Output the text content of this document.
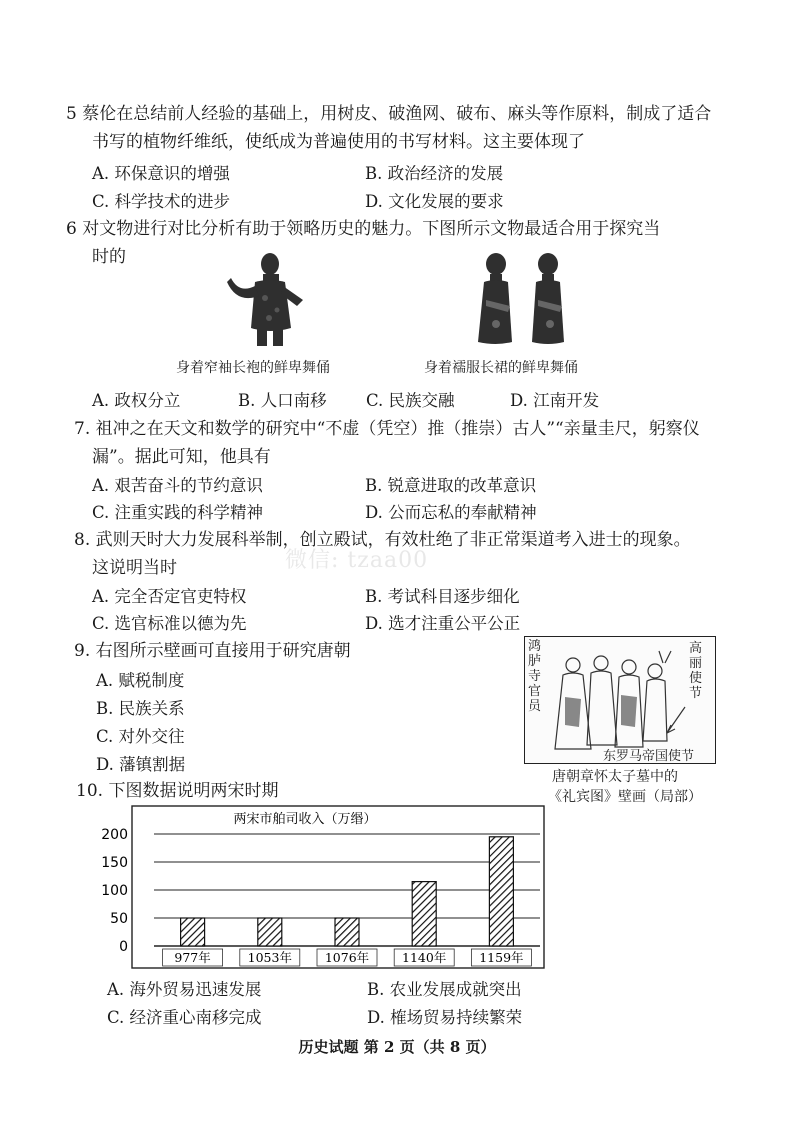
微信: tzaa00
5 蔡伦在总结前人经验的基础上，用树皮、破渔网、破布、麻头等作原料，制成了适合
书写的植物纤维纸，使纸成为普遍使用的书写材料。这主要体现了
A. 环保意识的增强	B. 政治经济的发展
C. 科学技术的进步	D. 文化发展的要求
6 对文物进行对比分析有助于领略历史的魅力。下图所示文物最适合用于探究当
时的
身着窄袖长袍的鲜卑舞俑	身着襦服长裙的鲜卑舞俑
A. 政权分立	B. 人口南移 C. 民族交融	D. 江南开发
7. 祖冲之在天文和数学的研究中“不虚（凭空）推（推崇）古人”“亲量圭尺，躬察仪
漏”。据此可知，他具有
A. 艰苦奋斗的节约意识	B. 锐意进取的改革意识
C. 注重实践的科学精神	D. 公而忘私的奉献精神
8. 武则天时大力发展科举制，创立殿试，有效杜绝了非正常渠道考入进士的现象。
这说明当时
A. 完全否定官吏特权	B. 考试科目逐步细化
C. 选官标准以德为先	D. 选才注重公平公正
9. 右图所示壁画可直接用于研究唐朝
A. 赋税制度
B. 民族关系
C. 对外交往
D. 藩镇割据
鸿胪寺官员
高丽使节
东罗马帝国使节
唐朝章怀太子墓中的
《礼宾图》壁画（局部）
10. 下图数据说明两宋时期
两宋市舶司收入（万缗）
0
50
100
150
200
977年	1053年	1076年	1140年	1159年
A. 海外贸易迅速发展	B. 农业发展成就突出
C. 经济重心南移完成	D. 榷场贸易持续繁荣
历史试题 第 2 页（共 8 页）
